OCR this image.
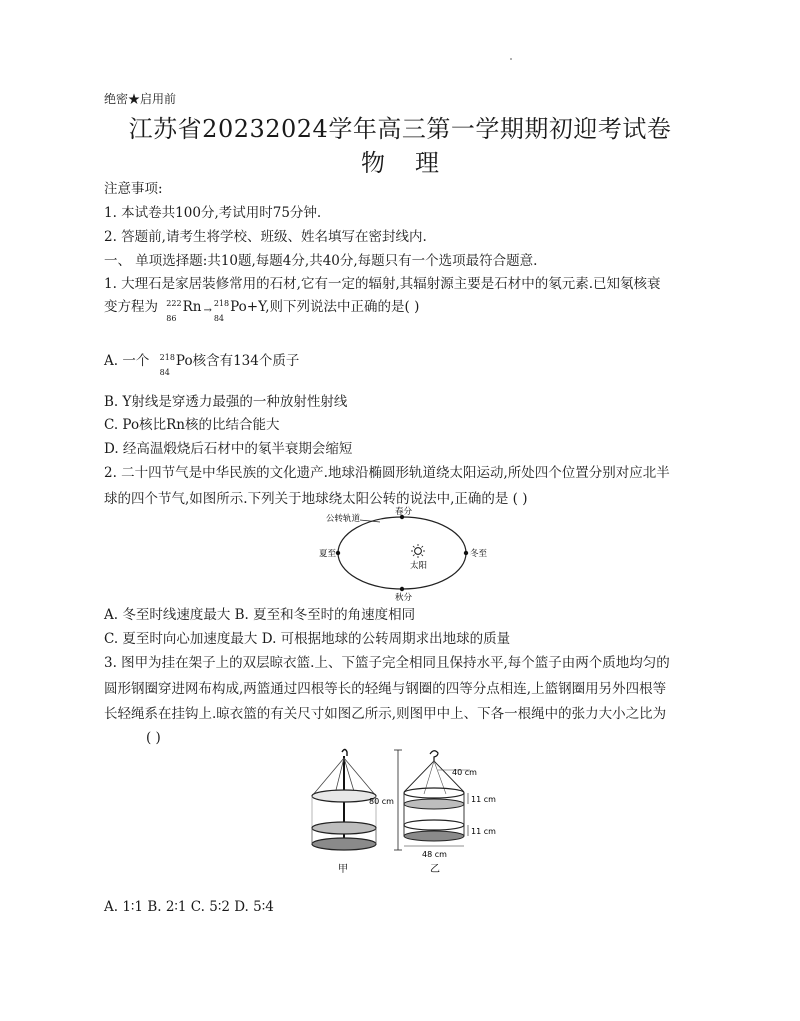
绝密★启用前
江苏省20232024学年高三第一学期期初迎考试卷
物 理
注意事项:
1. 本试卷共100分,考试用时75分钟.
2. 答题前,请考生将学校、班级、姓名填写在密封线内.
一、 单项选择题:共10题,每题4分,共40分,每题只有一个选项最符合题意.
1. 大理石是家居装修常用的石材,它有一定的辐射,其辐射源主要是石材中的氡元素.已知氡核衰
变方程为 $^{222}$
86
Rn →$^{218}$
84
Po+Y,则下列说法中正确的是( )
A. 一个 $^{218}$
84
Po核含有134个质子
B. Y射线是穿透力最强的一种放射性射线
C. Po核比Rn核的比结合能大
D. 经高温煅烧后石材中的氡半衰期会缩短
2. 二十四节气是中华民族的文化遗产.地球沿椭圆形轨道绕太阳运动,所处四个位置分别对应北半
球的四个节气,如图所示.下列关于地球绕太阳公转的说法中,正确的是 ( )
公转轨道
春分
夏至	冬至
秋分
太阳
A. 冬至时线速度最大 B. 夏至和冬至时的角速度相同
C. 夏至时向心加速度最大 D. 可根据地球的公转周期求出地球的质量
3. 图甲为挂在架子上的双层晾衣篮.上、下篮子完全相同且保持水平,每个篮子由两个质地均匀的
圆形钢圈穿进网布构成,两篮通过四根等长的轻绳与钢圈的四等分点相连,上篮钢圈用另外四根等
长轻绳系在挂钩上.晾衣篮的有关尺寸如图乙所示,则图甲中上、下各一根绳中的张力大小之比为
( )
甲
80 cm
40 cm
11 cm
11 cm
48 cm
乙
A. 1∶1 B. 2∶1 C. 5∶2 D. 5∶4
